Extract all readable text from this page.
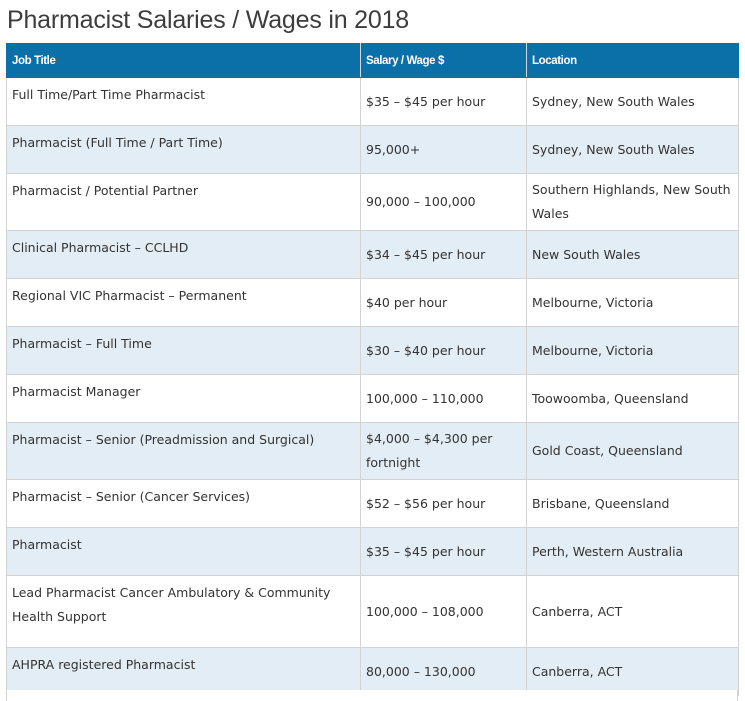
Pharmacist Salaries / Wages in 2018
Job Title	Salary / Wage $	Location
Full Time/Part Time Pharmacist	$35 – $45 per hour	Sydney, New South Wales
Pharmacist (Full Time / Part Time)	95,000+	Sydney, New South Wales
Pharmacist / Potential Partner	90,000 – 100,000	Southern Highlands, New South Wales
Clinical Pharmacist – CCLHD	$34 – $45 per hour	New South Wales
Regional VIC Pharmacist – Permanent	$40 per hour	Melbourne, Victoria
Pharmacist – Full Time	$30 – $40 per hour	Melbourne, Victoria
Pharmacist Manager	100,000 – 110,000	Toowoomba, Queensland
Pharmacist – Senior (Preadmission and Surgical)	$4,000 – $4,300 per fortnight	Gold Coast, Queensland
Pharmacist – Senior (Cancer Services)	$52 – $56 per hour	Brisbane, Queensland
Pharmacist	$35 – $45 per hour	Perth, Western Australia
Lead Pharmacist Cancer Ambulatory & Community Health Support	100,000 – 108,000	Canberra, ACT
AHPRA registered Pharmacist	80,000 – 130,000	Canberra, ACT
